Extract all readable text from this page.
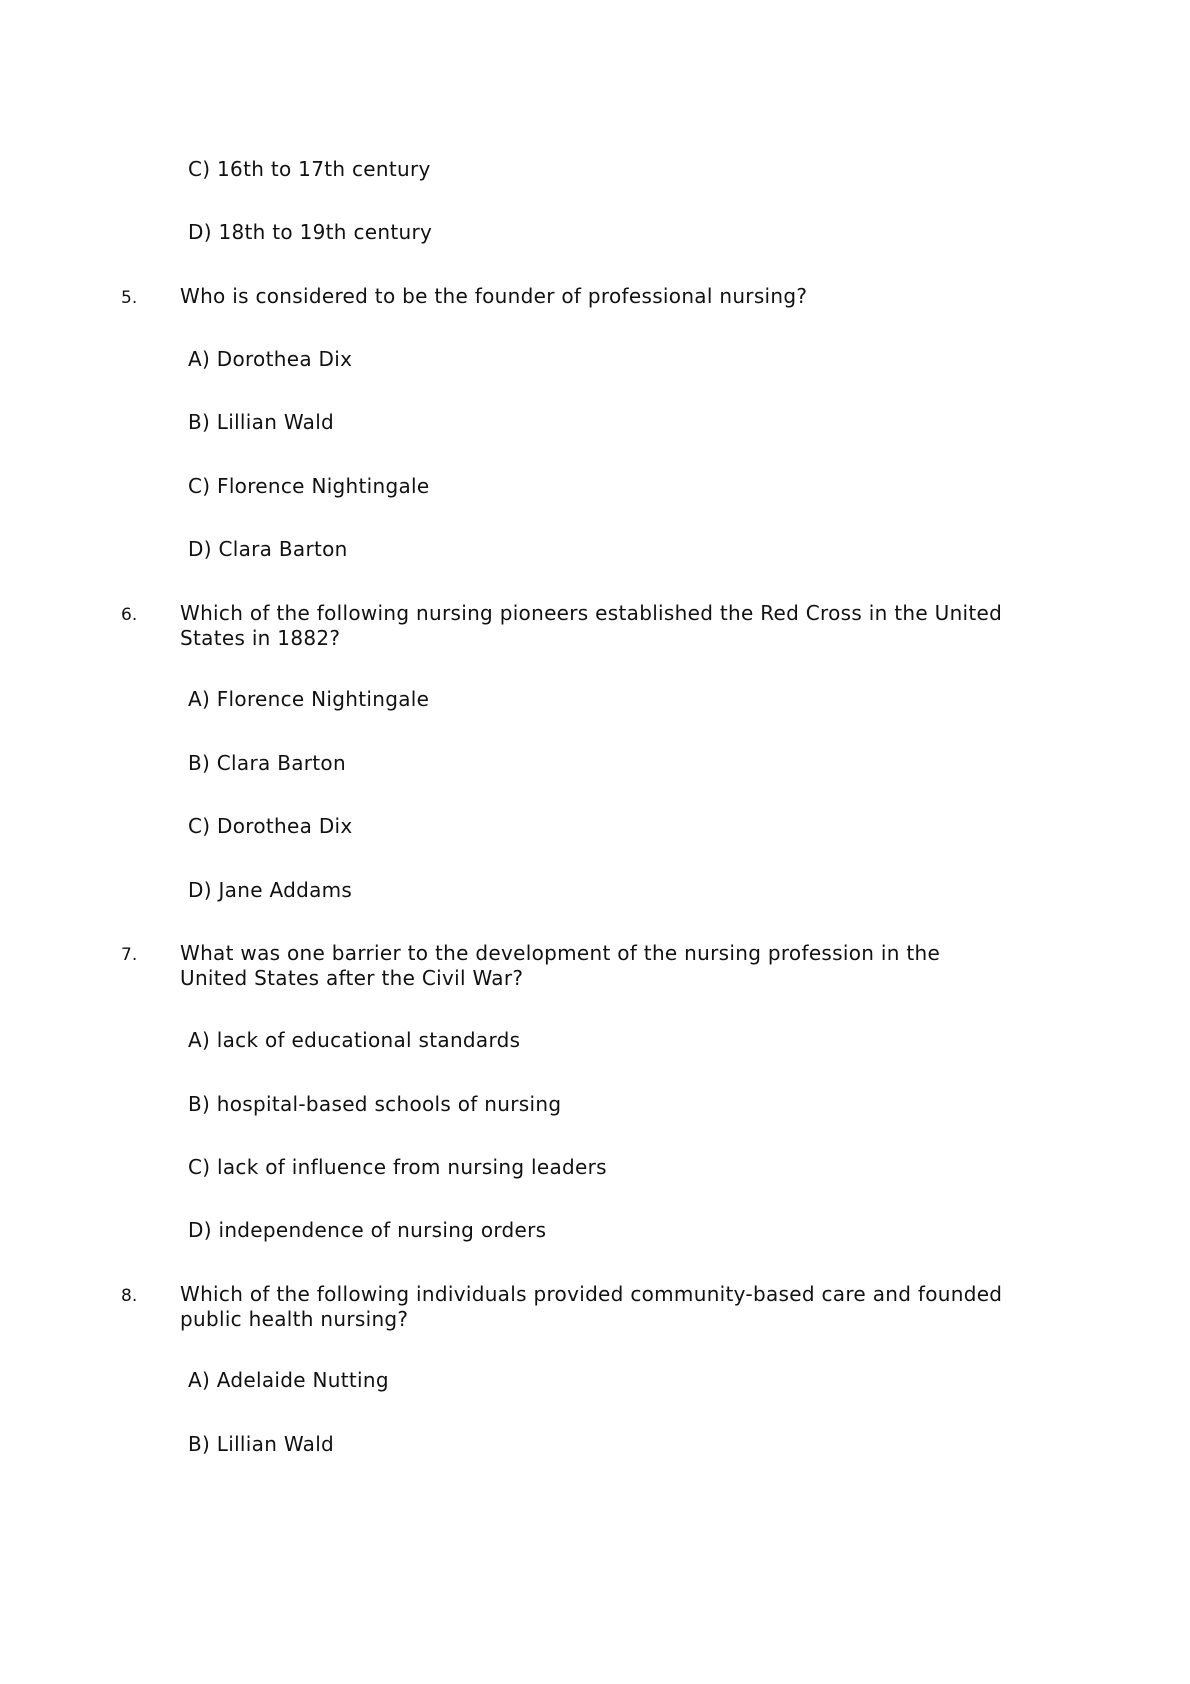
C) 16th to 17th century
D) 18th to 19th century
5. Who is considered to be the founder of professional nursing?
A) Dorothea Dix
B) Lillian Wald
C) Florence Nightingale
D) Clara Barton
6. Which of the following nursing pioneers established the Red Cross in the United
States in 1882?
A) Florence Nightingale
B) Clara Barton
C) Dorothea Dix
D) Jane Addams
7. What was one barrier to the development of the nursing profession in the
United States after the Civil War?
A) lack of educational standards
B) hospital-based schools of nursing
C) lack of influence from nursing leaders
D) independence of nursing orders
8. Which of the following individuals provided community-based care and founded
public health nursing?
A) Adelaide Nutting
B) Lillian Wald
